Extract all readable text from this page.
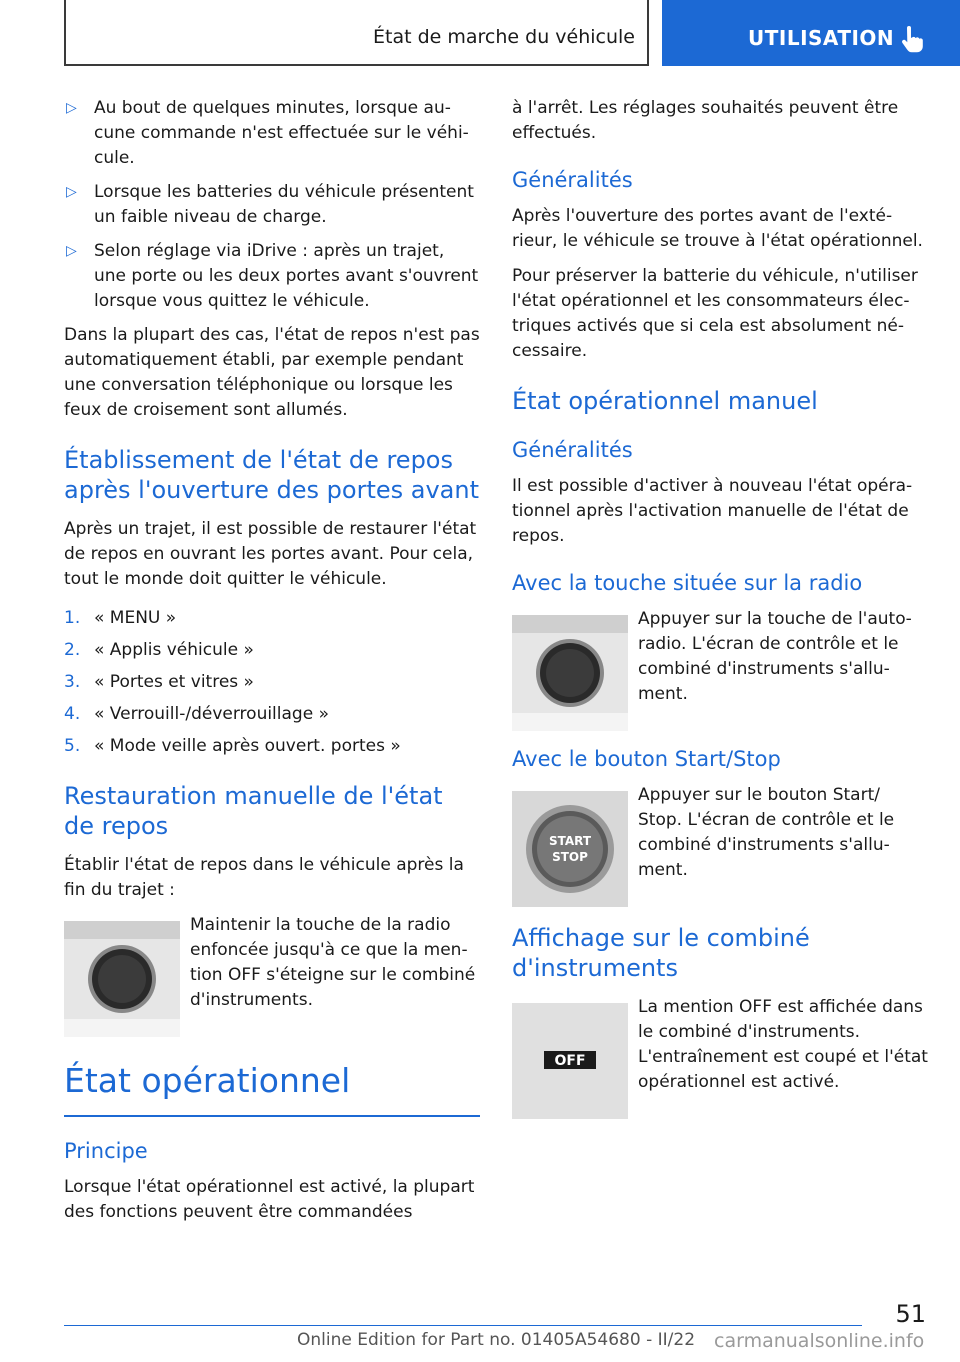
État de marche du véhicule	UTILISATION
▷ Au bout de quelques minutes, lorsque aucune commande n'est effectuée sur le véhicule.
▷ Lorsque les batteries du véhicule présentent un faible niveau de charge.
▷ Selon réglage via iDrive : après un trajet, une porte ou les deux portes avant s'ouvrent lorsque vous quittez le véhicule.

Dans la plupart des cas, l'état de repos n'est pas automatiquement établi, par exemple pendant une conversation téléphonique ou lorsque les feux de croisement sont allumés.

Établissement de l'état de repos après l'ouverture des portes avant

Après un trajet, il est possible de restaurer l'état de repos en ouvrant les portes avant. Pour cela, tout le monde doit quitter le véhicule.

1. « MENU »
2. « Applis véhicule »
3. « Portes et vitres »
4. « Verrouill-/déverrouillage »
5. « Mode veille après ouvert. portes »
Restauration manuelle de l'état de repos

Établir l'état de repos dans le véhicule après la fin du trajet :

Maintenir la touche de la radio enfoncée jusqu'à ce que la mention OFF s'éteigne sur le combiné d'instruments.
État opérationnel
Principe

Lorsque l'état opérationnel est activé, la plupart des fonctions peuvent être commandées

à l'arrêt. Les réglages souhaités peuvent être effectués.

Généralités

Après l'ouverture des portes avant de l'extérieur, le véhicule se trouve à l'état opérationnel.

Pour préserver la batterie du véhicule, n'utiliser l'état opérationnel et les consommateurs électriques activés que si cela est absolument nécessaire.

État opérationnel manuel
Généralités

Il est possible d'activer à nouveau l'état opérationnel après l'activation manuelle de l'état de repos.

Avec la touche située sur la radio
Appuyer sur la touche de l'autoradio. L'écran de contrôle et le combiné d'instruments s'allument.
Avec le bouton Start/Stop
START
STOP
Appuyer sur le bouton Start/ Stop. L'écran de contrôle et le combiné d'instruments s'allument.
Affichage sur le combiné d'instruments
OFF
La mention OFF est affichée dans le combiné d'instruments. L'entraînement est coupé et l'état opérationnel est activé.
51
Online Edition for Part no. 01405A54680 - II/22 carmanualsonline.info
